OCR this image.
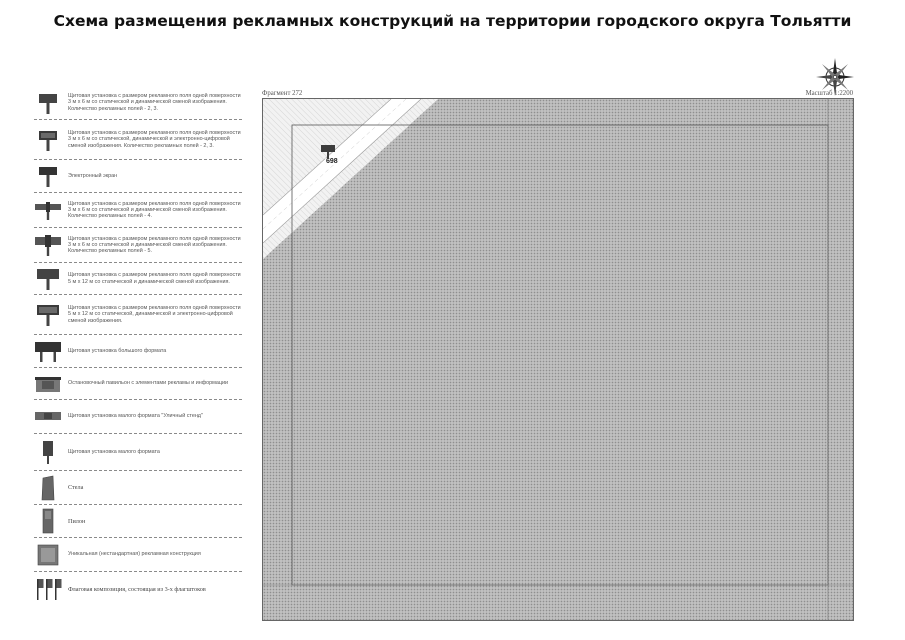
Схема размещения рекламных конструкций на территории городского округа Тольятти
Щитовая установка с размером рекламного поля одной поверхности 3 м х 6 м со статической и динамической сменой изображения. Количество рекламных полей - 2, 3.
Щитовая установка с размером рекламного поля одной поверхности 3 м х 6 м со статической, динамической и электронно-цифровой сменой изображения. Количество рекламных полей - 2, 3.
Электронный экран
Щитовая установка с размером рекламного поля одной поверхности 3 м х 6 м со статической и динамической сменой изображения. Количество рекламных полей - 4.
Щитовая установка с размером рекламного поля одной поверхности 3 м х 6 м со статической и динамической сменой изображения. Количество рекламных полей - 5.
Щитовая установка с размером рекламного поля одной поверхности 5 м х 12 м со статической и динамической сменой изображения.
Щитовая установка с размером рекламного поля одной поверхности 5 м х 12 м со статической, динамической и электронно-цифровой сменой изображения.
Щитовая установка большого формата
Остановочный павильон с элементами рекламы и информации
Щитовая установка малого формата "Уличный стенд"
Щитовая установка малого формата
Стела
Пилон
Уникальная (нестандартная) рекламная конструкция
Флаговая композиция, состоящая из 3-х флагштоков
Фрагмент 272	Масштаб 1:2200
698
